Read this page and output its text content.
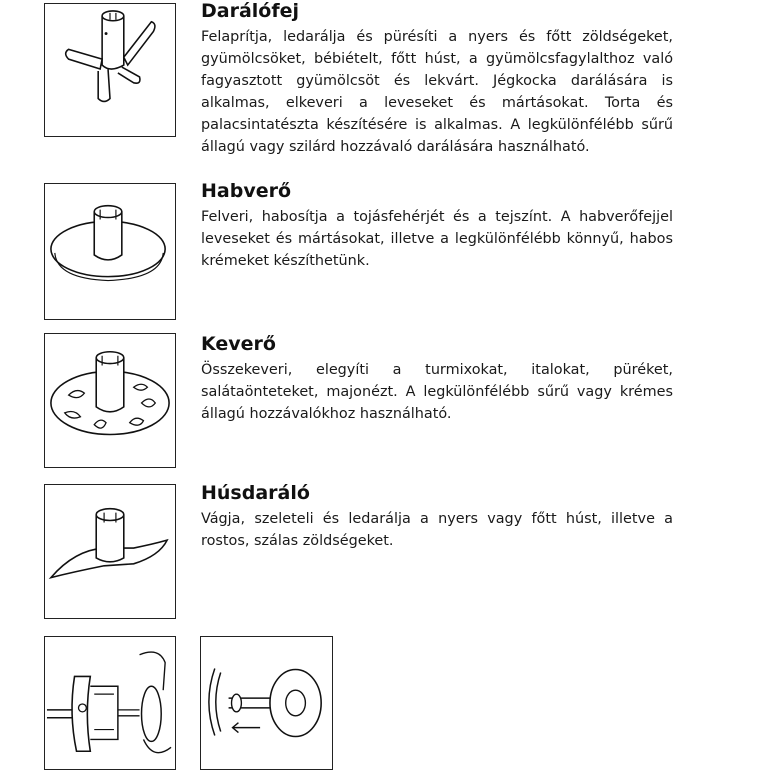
Darálófej

Felaprítja, ledarálja és pürésíti a nyers és főtt zöldségeket, gyümölcsöket, bébiételt, főtt húst, a gyümölcsfagylalthoz való fagyasztott gyümölcsöt és lekvárt. Jégkocka darálására is alkalmas, elkeveri a leveseket és mártásokat. Torta és palacsintatészta készítésére is alkalmas. A legkülönfélébb sűrű állagú vagy szilárd hozzávaló darálására használható.

Habverő

Felveri, habosítja a tojásfehérjét és a tejszínt. A habverőfejjel leveseket és mártásokat, illetve a legkülönfélébb könnyű, habos krémeket készíthetünk.

Keverő

Összekeveri, elegyíti a turmixokat, italokat, püréket, salátaönteteket, majonézt. A legkülönfélébb sűrű vagy krémes állagú hozzávalókhoz használható.

Húsdaráló

Vágja, szeleteli és ledarálja a nyers vagy főtt húst, illetve a rostos, szálas zöldségeket.
